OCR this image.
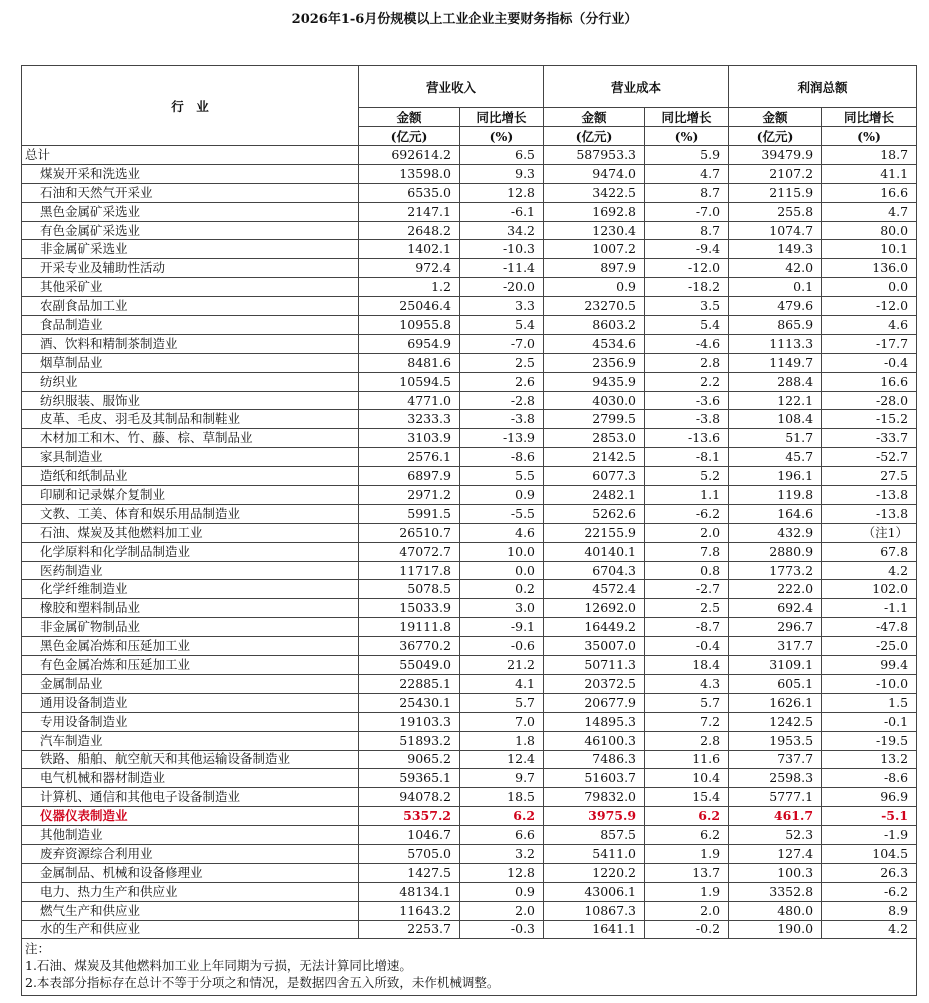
2026年1-6月份规模以上工业企业主要财务指标（分行业）
行　业	营业收入		营业成本		利润总额	
	金额	同比增长	金额	同比增长	金额	同比增长
	(亿元)	(%)	(亿元)	(%)	(亿元)	(%)
总计	692614.2	6.5	587953.3	5.9	39479.9	18.7
煤炭开采和洗选业	13598.0	9.3	9474.0	4.7	2107.2	41.1
石油和天然气开采业	6535.0	12.8	3422.5	8.7	2115.9	16.6
黑色金属矿采选业	2147.1	-6.1	1692.8	-7.0	255.8	4.7
有色金属矿采选业	2648.2	34.2	1230.4	8.7	1074.7	80.0
非金属矿采选业	1402.1	-10.3	1007.2	-9.4	149.3	10.1
开采专业及辅助性活动	972.4	-11.4	897.9	-12.0	42.0	136.0
其他采矿业	1.2	-20.0	0.9	-18.2	0.1	0.0
农副食品加工业	25046.4	3.3	23270.5	3.5	479.6	-12.0
食品制造业	10955.8	5.4	8603.2	5.4	865.9	4.6
酒、饮料和精制茶制造业	6954.9	-7.0	4534.6	-4.6	1113.3	-17.7
烟草制品业	8481.6	2.5	2356.9	2.8	1149.7	-0.4
纺织业	10594.5	2.6	9435.9	2.2	288.4	16.6
纺织服装、服饰业	4771.0	-2.8	4030.0	-3.6	122.1	-28.0
皮革、毛皮、羽毛及其制品和制鞋业	3233.3	-3.8	2799.5	-3.8	108.4	-15.2
木材加工和木、竹、藤、棕、草制品业	3103.9	-13.9	2853.0	-13.6	51.7	-33.7
家具制造业	2576.1	-8.6	2142.5	-8.1	45.7	-52.7
造纸和纸制品业	6897.9	5.5	6077.3	5.2	196.1	27.5
印刷和记录媒介复制业	2971.2	0.9	2482.1	1.1	119.8	-13.8
文教、工美、体育和娱乐用品制造业	5991.5	-5.5	5262.6	-6.2	164.6	-13.8
石油、煤炭及其他燃料加工业	26510.7	4.6	22155.9	2.0	432.9	（注1）
化学原料和化学制品制造业	47072.7	10.0	40140.1	7.8	2880.9	67.8
医药制造业	11717.8	0.0	6704.3	0.8	1773.2	4.2
化学纤维制造业	5078.5	0.2	4572.4	-2.7	222.0	102.0
橡胶和塑料制品业	15033.9	3.0	12692.0	2.5	692.4	-1.1
非金属矿物制品业	19111.8	-9.1	16449.2	-8.7	296.7	-47.8
黑色金属冶炼和压延加工业	36770.2	-0.6	35007.0	-0.4	317.7	-25.0
有色金属冶炼和压延加工业	55049.0	21.2	50711.3	18.4	3109.1	99.4
金属制品业	22885.1	4.1	20372.5	4.3	605.1	-10.0
通用设备制造业	25430.1	5.7	20677.9	5.7	1626.1	1.5
专用设备制造业	19103.3	7.0	14895.3	7.2	1242.5	-0.1
汽车制造业	51893.2	1.8	46100.3	2.8	1953.5	-19.5
铁路、船舶、航空航天和其他运输设备制造业	9065.2	12.4	7486.3	11.6	737.7	13.2
电气机械和器材制造业	59365.1	9.7	51603.7	10.4	2598.3	-8.6
计算机、通信和其他电子设备制造业	94078.2	18.5	79832.0	15.4	5777.1	96.9
仪器仪表制造业	5357.2	6.2	3975.9	6.2	461.7	-5.1
其他制造业	1046.7	6.6	857.5	6.2	52.3	-1.9
废弃资源综合利用业	5705.0	3.2	5411.0	1.9	127.4	104.5
金属制品、机械和设备修理业	1427.5	12.8	1220.2	13.7	100.3	26.3
电力、热力生产和供应业	48134.1	0.9	43006.1	1.9	3352.8	-6.2
燃气生产和供应业	11643.2	2.0	10867.3	2.0	480.0	8.9
水的生产和供应业	2253.7	-0.3	1641.1	-0.2	190.0	4.2

注：
1.石油、煤炭及其他燃料加工业上年同期为亏损，无法计算同比增速。
2.本表部分指标存在总计不等于分项之和情况，是数据四舍五入所致，未作机械调整。						
